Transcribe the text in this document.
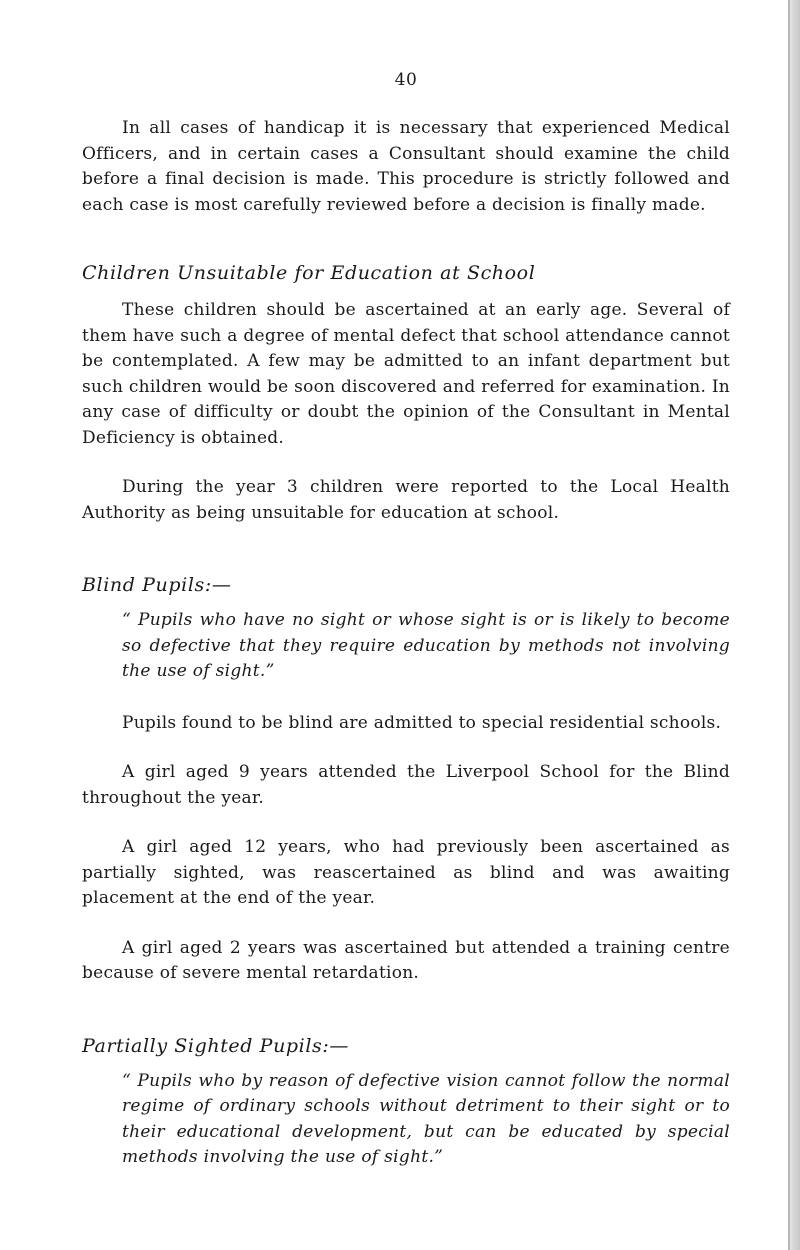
40

In all cases of handicap it is necessary that experienced Medical Officers, and in certain cases a Consultant should examine the child before a final decision is made. This procedure is strictly followed and each case is most carefully reviewed before a decision is finally made.

Children Unsuitable for Education at School

These children should be ascertained at an early age. Several of them have such a degree of mental defect that school attendance cannot be contemplated. A few may be admitted to an infant department but such children would be soon discovered and referred for examination. In any case of difficulty or doubt the opinion of the Consultant in Mental Deficiency is obtained.

During the year 3 children were reported to the Local Health Authority as being unsuitable for education at school.

Blind Pupils:—
“ Pupils who have no sight or whose sight is or is likely to become so defective that they require education by methods not involving the use of sight.”

Pupils found to be blind are admitted to special residential schools.

A girl aged 9 years attended the Liverpool School for the Blind throughout the year.

A girl aged 12 years, who had previously been ascertained as partially sighted, was reascertained as blind and was awaiting placement at the end of the year.

A girl aged 2 years was ascertained but attended a training centre because of severe mental retardation.

Partially Sighted Pupils:—
“ Pupils who by reason of defective vision cannot follow the normal regime of ordinary schools without detriment to their sight or to their educational development, but can be educated by special methods involving the use of sight.”
